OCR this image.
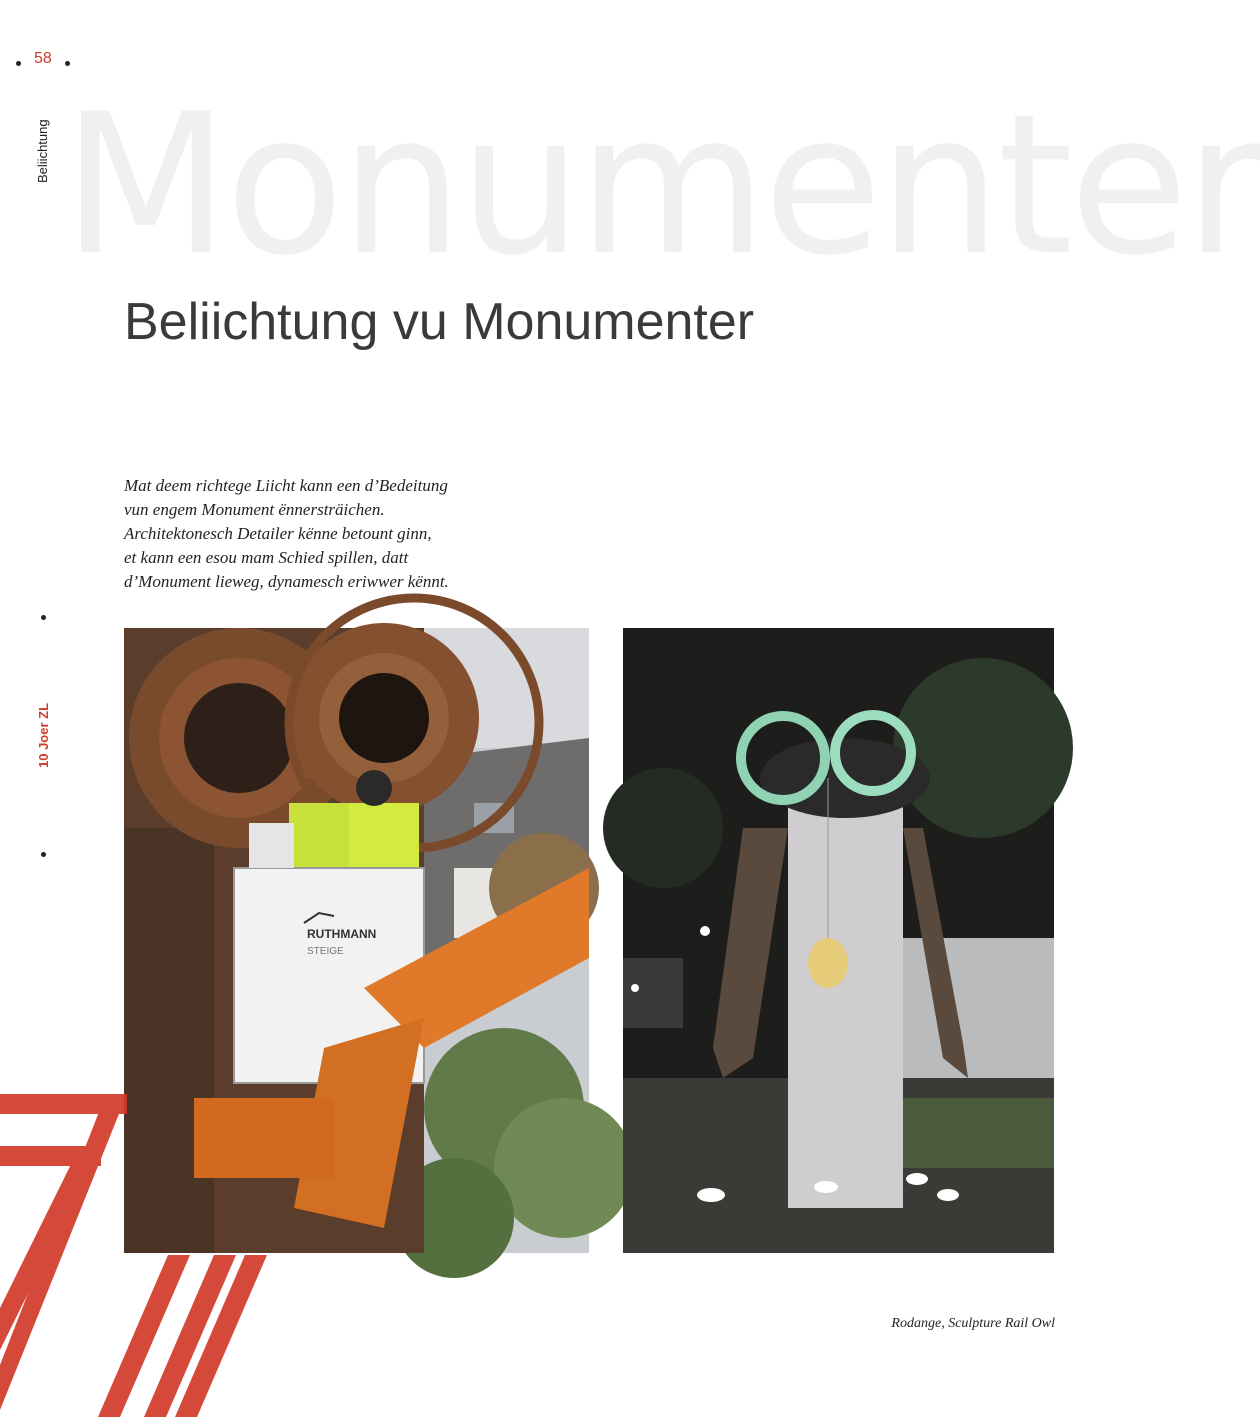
58
Beliichtung Monumenter
Beliichtung vu Monumenter
Mat deem richtege Liicht kann een d’Bedeitung
vun engem Monument ënnersträichen.
Architektonesch Detailer kënne betount ginn,
et kann een esou mam Schied spillen, datt
d’Monument lieweg, dynamesch eriwwer kënnt.
10 Joer ZL
RUTHMANN
STEIGE
Rodange, Sculpture Rail Owl
